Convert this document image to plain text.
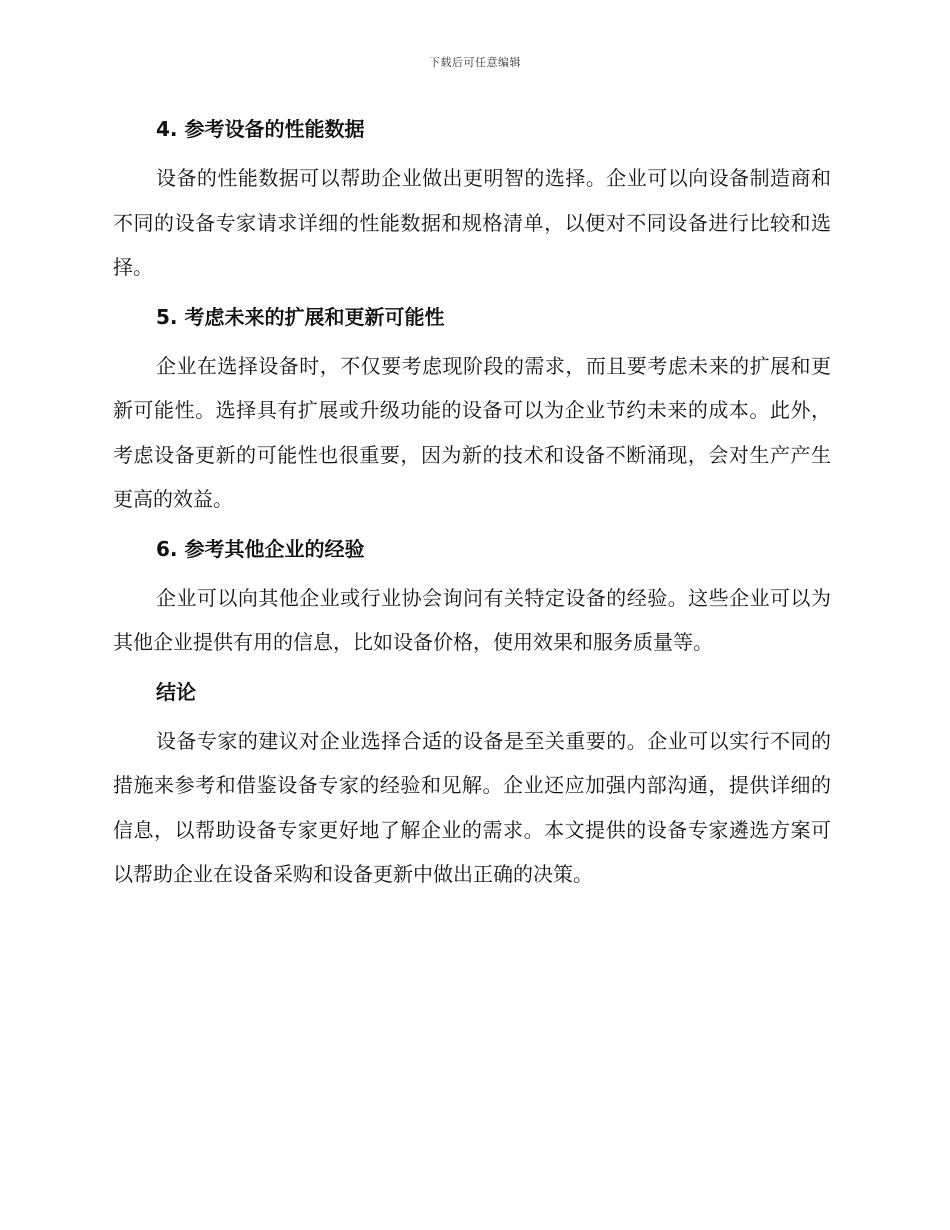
下载后可任意编辑
4. 参考设备的性能数据
设备的性能数据可以帮助企业做出更明智的选择。企业可以向设备制造商和不同的设备专家请求详细的性能数据和规格清单，以便对不同设备进行比较和选择。
5. 考虑未来的扩展和更新可能性
企业在选择设备时，不仅要考虑现阶段的需求，而且要考虑未来的扩展和更新可能性。选择具有扩展或升级功能的设备可以为企业节约未来的成本。此外，考虑设备更新的可能性也很重要，因为新的技术和设备不断涌现，会对生产产生更高的效益。
6. 参考其他企业的经验
企业可以向其他企业或行业协会询问有关特定设备的经验。这些企业可以为其他企业提供有用的信息，比如设备价格，使用效果和服务质量等。
结论
设备专家的建议对企业选择合适的设备是至关重要的。企业可以实行不同的措施来参考和借鉴设备专家的经验和见解。企业还应加强内部沟通，提供详细的信息，以帮助设备专家更好地了解企业的需求。本文提供的设备专家遴选方案可以帮助企业在设备采购和设备更新中做出正确的决策。
